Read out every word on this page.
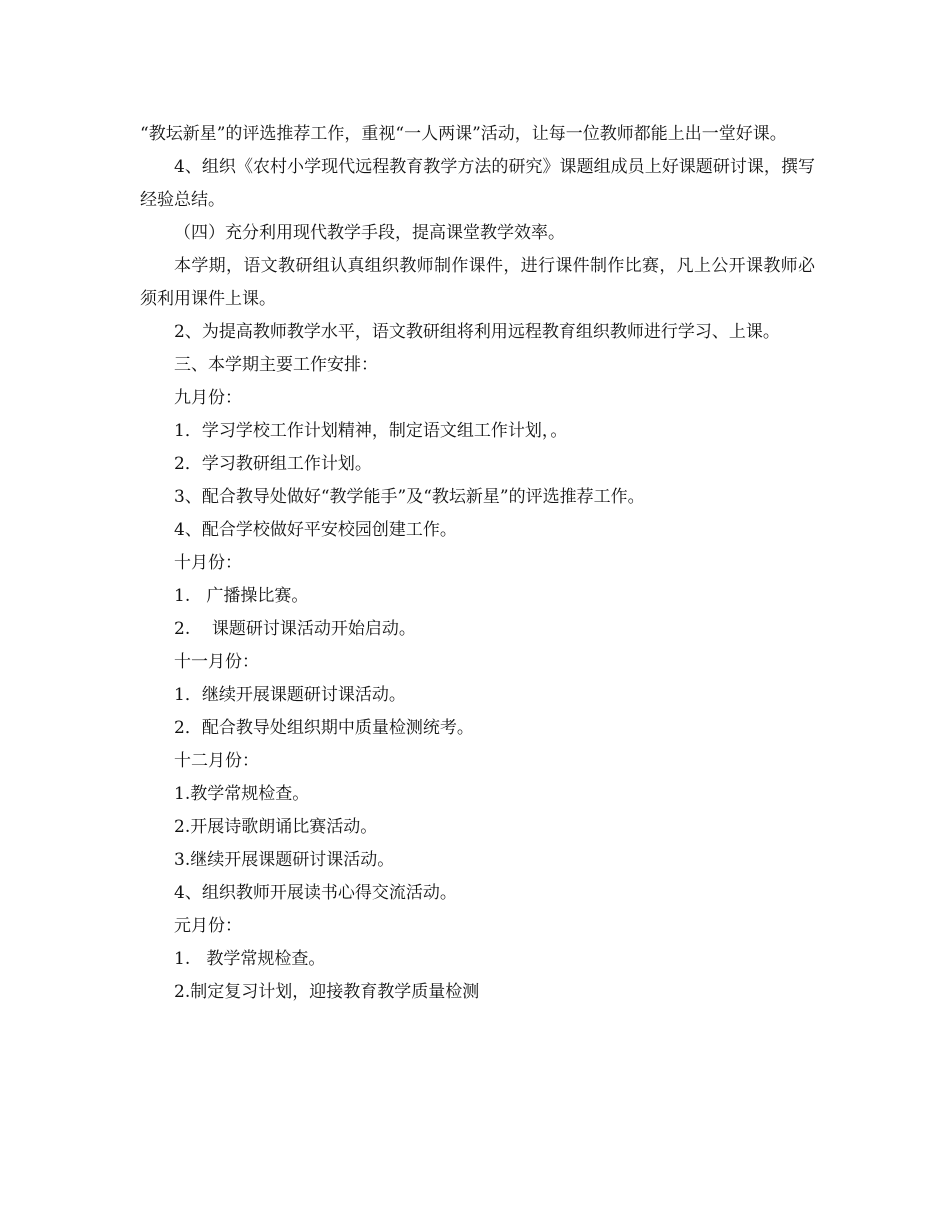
“教坛新星”的评选推荐工作，重视“一人两课”活动，让每一位教师都能上出一堂好课。

4、组织《农村小学现代远程教育教学方法的研究》课题组成员上好课题研讨课，撰写经验总结。

（四）充分利用现代教学手段，提高课堂教学效率。

本学期，语文教研组认真组织教师制作课件，进行课件制作比赛，凡上公开课教师必须利用课件上课。

2、为提高教师教学水平，语文教研组将利用远程教育组织教师进行学习、上课。

三、本学期主要工作安排：

九月份：

1．学习学校工作计划精神，制定语文组工作计划，。

2．学习教研组工作计划。

3、配合教导处做好“教学能手”及“教坛新星”的评选推荐工作。

4、配合学校做好平安校园创建工作。

十月份：

1.   广播操比赛。

2.    课题研讨课活动开始启动。

十一月份：

1．继续开展课题研讨课活动。

2．配合教导处组织期中质量检测统考。

十二月份：

1.教学常规检查。

2.开展诗歌朗诵比赛活动。

3.继续开展课题研讨课活动。

4、组织教师开展读书心得交流活动。

元月份：

1.   教学常规检查。

2.制定复习计划，迎接教育教学质量检测
